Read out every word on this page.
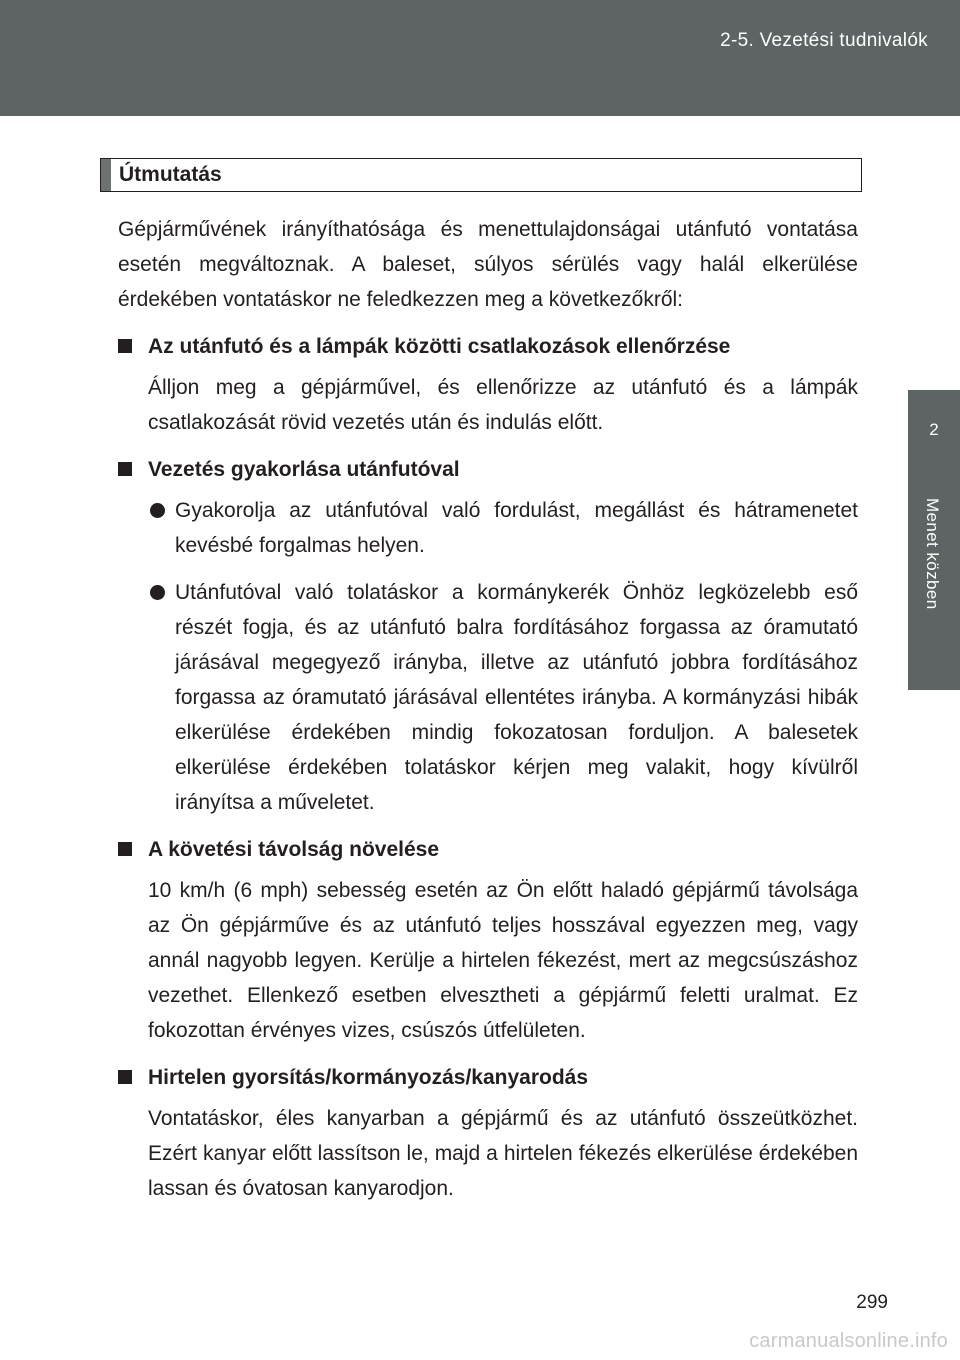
2-5. Vezetési tudnivalók
2
Menet közben
Útmutatás

Gépjárművének irányíthatósága és menettulajdonságai utánfutó vontatása esetén megváltoznak. A baleset, súlyos sérülés vagy halál elkerülése érdekében vontatáskor ne feledkezzen meg a következőkről:

Az utánfutó és a lámpák közötti csatlakozások ellenőrzése

Álljon meg a gépjárművel, és ellenőrizze az utánfutó és a lámpák csatlakozását rövid vezetés után és indulás előtt.

Vezetés gyakorlása utánfutóval
Gyakorolja az utánfutóval való fordulást, megállást és hátramenetet kevésbé forgalmas helyen.
Utánfutóval való tolatáskor a kormánykerék Önhöz legközelebb eső részét fogja, és az utánfutó balra fordításához forgassa az óramutató járásával megegyező irányba, illetve az utánfutó jobbra fordításához forgassa az óramutató járásával ellentétes irányba. A kormányzási hibák elkerülése érdekében mindig fokozatosan forduljon. A balesetek elkerülése érdekében tolatáskor kérjen meg valakit, hogy kívülről irányítsa a műveletet.
A követési távolság növelése

10 km/h (6 mph) sebesség esetén az Ön előtt haladó gépjármű távolsága az Ön gépjárműve és az utánfutó teljes hosszával egyezzen meg, vagy annál nagyobb legyen. Kerülje a hirtelen fékezést, mert az megcsúszáshoz vezethet. Ellenkező esetben elvesztheti a gépjármű feletti uralmat. Ez fokozottan érvényes vizes, csúszós útfelületen.

Hirtelen gyorsítás/kormányozás/kanyarodás

Vontatáskor, éles kanyarban a gépjármű és az utánfutó összeütközhet. Ezért kanyar előtt lassítson le, majd a hirtelen fékezés elkerülése érdekében lassan és óvatosan kanyarodjon.

299
carmanualsonline.info
